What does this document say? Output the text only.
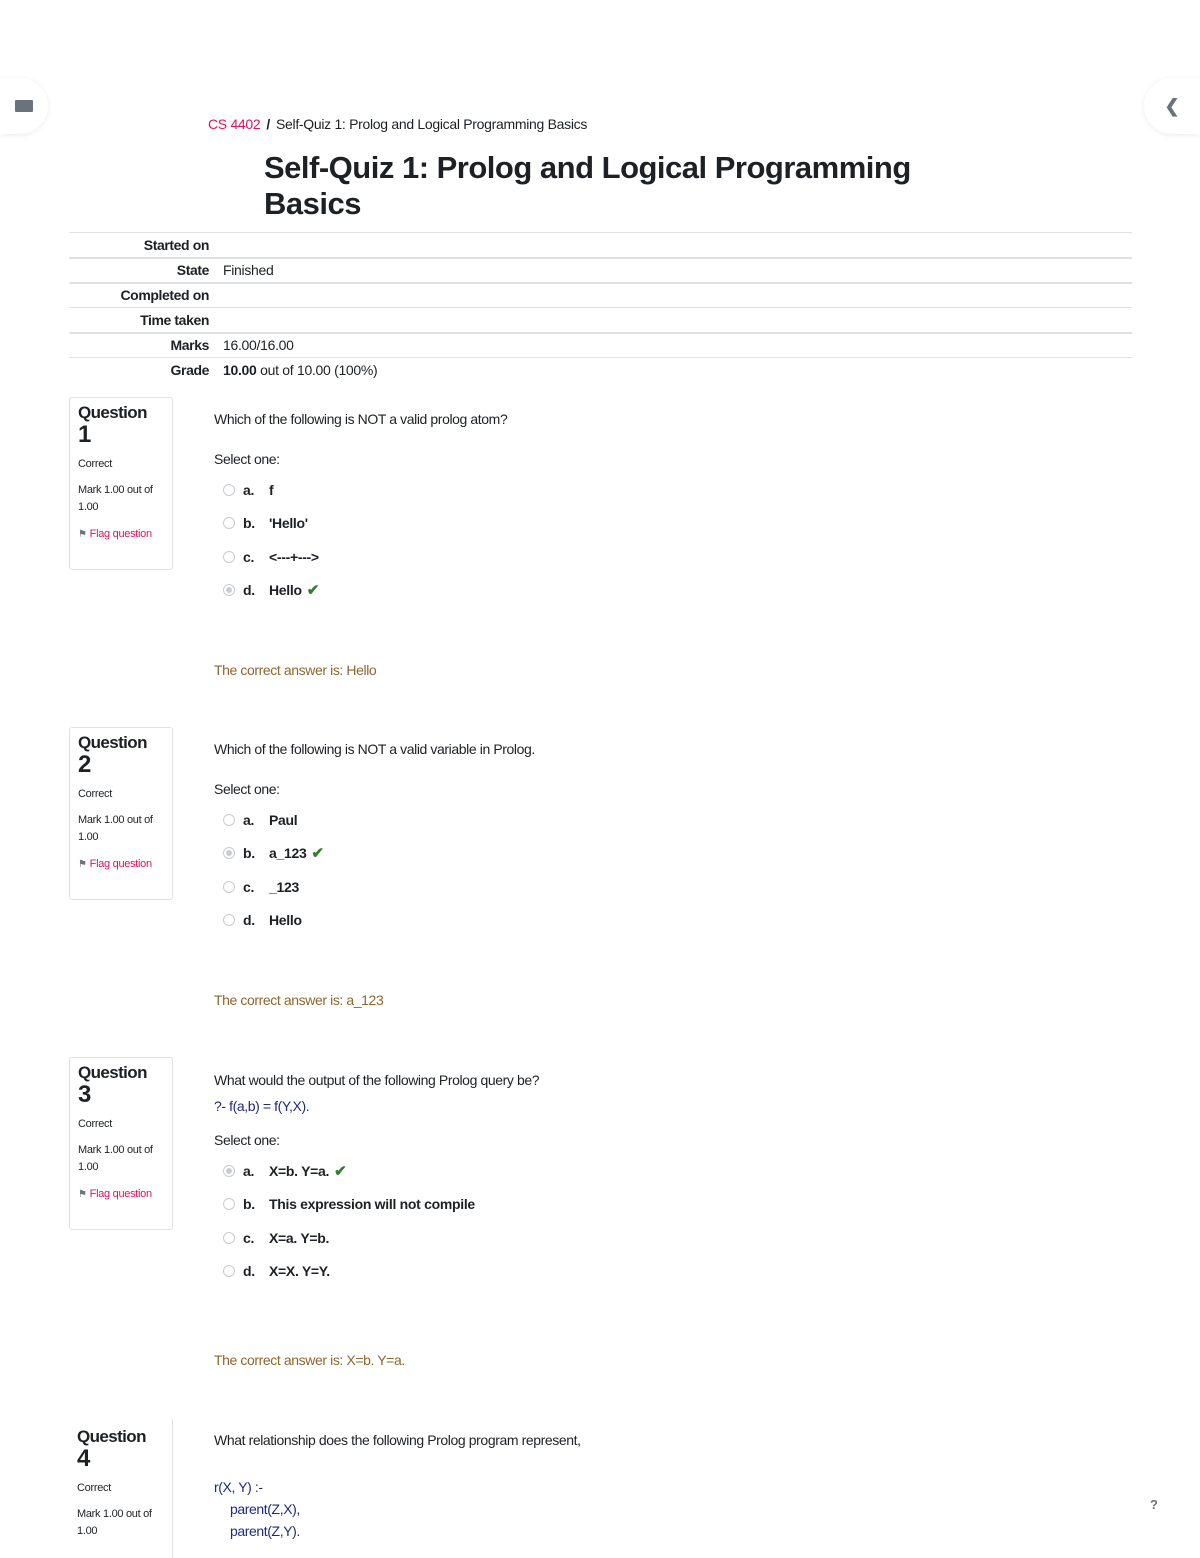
❮
CS 4402 / Self-Quiz 1: Prolog and Logical Programming Basics
Self-Quiz 1: Prolog and Logical Programming Basics
Started on	
State	Finished
Completed on	
Time taken	
Marks	16.00/16.00
Grade	10.00 out of 10.00 (100%)
Question
1
Correct
Mark 1.00 out of 1.00
⚑ Flag question
Which of the following is NOT a valid prolog atom?
Select one:
a.	f
b.	'Hello'
c.	<---+--->
d.	Hello ✔
The correct answer is: Hello
Question
2
Correct
Mark 1.00 out of 1.00
⚑ Flag question
Which of the following is NOT a valid variable in Prolog.
Select one:
a.	Paul
b.	a_123 ✔
c.	_123
d.	Hello
The correct answer is: a_123
Question
3
Correct
Mark 1.00 out of 1.00
⚑ Flag question
What would the output of the following Prolog query be?
?- f(a,b) = f(Y,X).
Select one:
a.	X=b. Y=a. ✔
b.	This expression will not compile
c.	X=a. Y=b.
d.	X=X. Y=Y.
The correct answer is: X=b. Y=a.
Question
4
Correct
Mark 1.00 out of 1.00
What relationship does the following Prolog program represent,
r(X, Y) :-
parent(Z,X),
parent(Z,Y).
?
